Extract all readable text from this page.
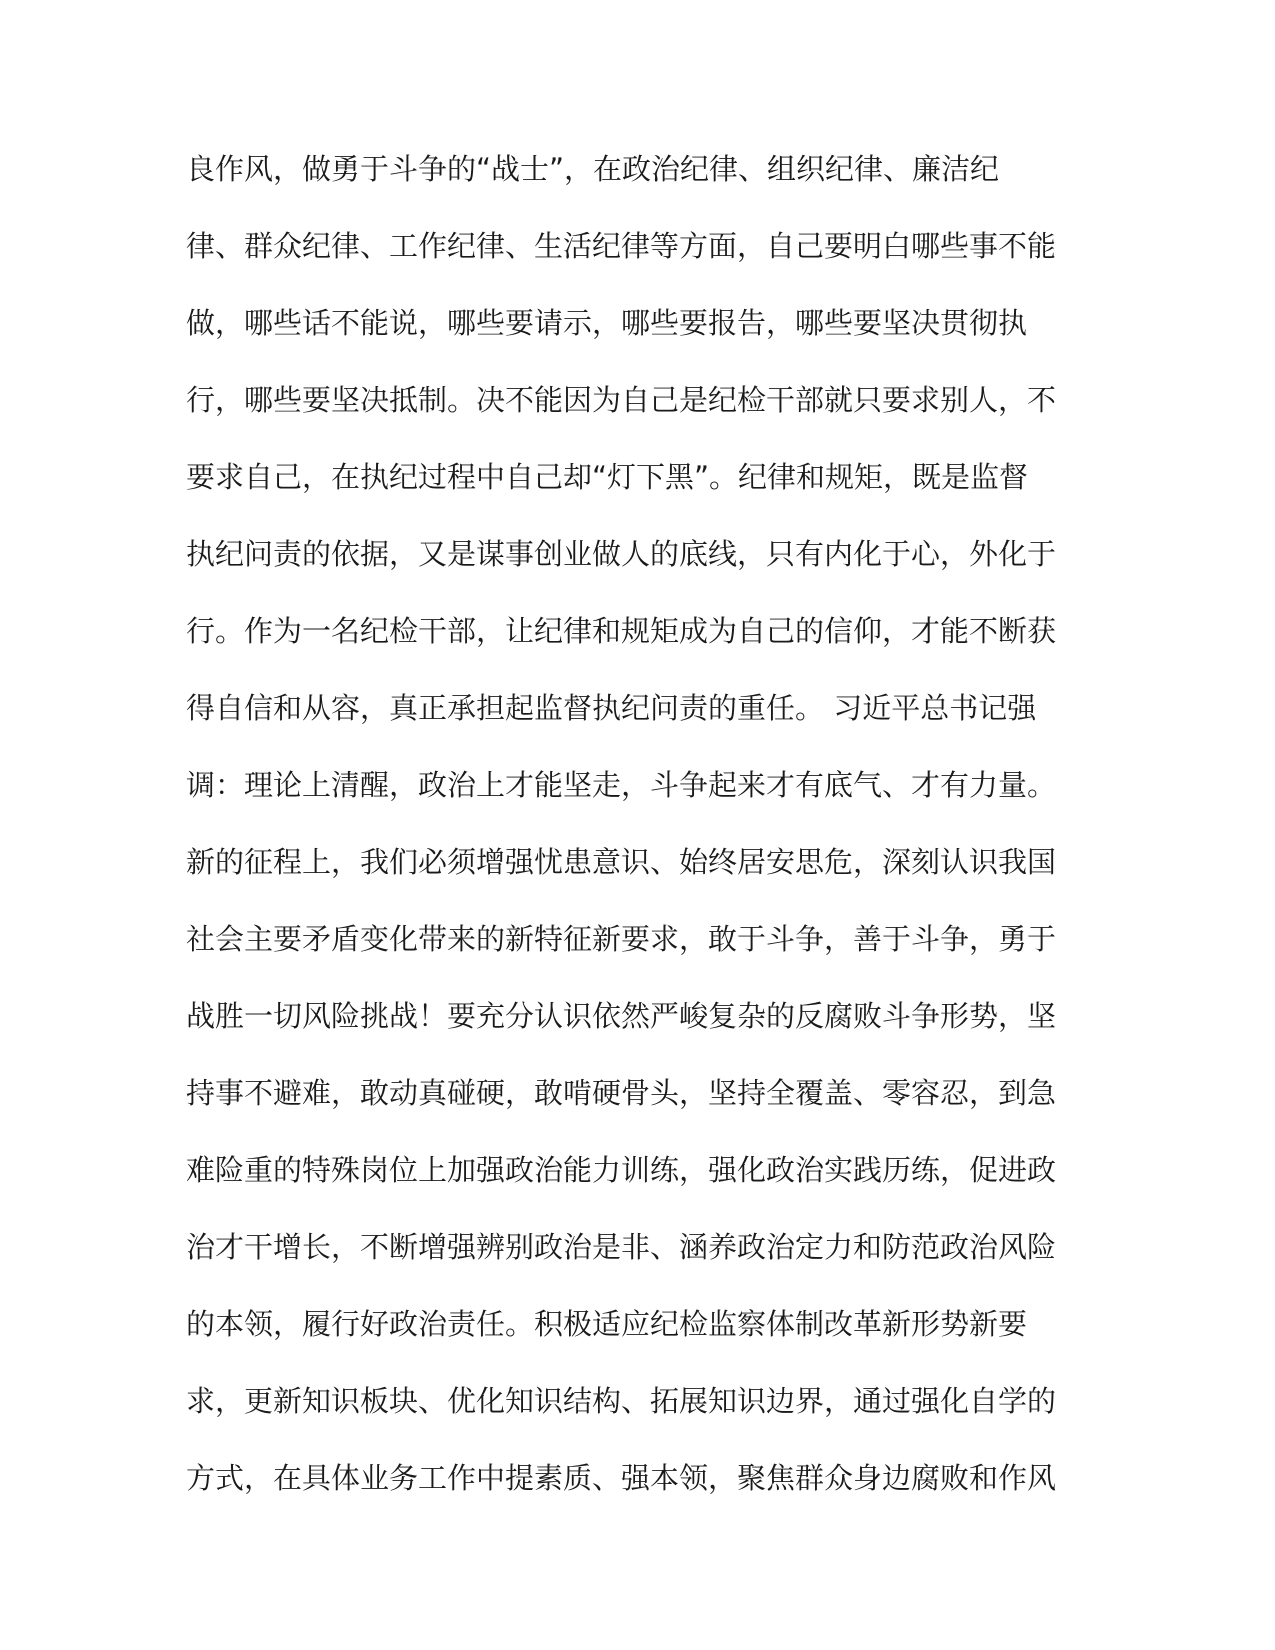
良作风，做勇于斗争的“战士”，在政治纪律、组织纪律、廉洁纪
律、群众纪律、工作纪律、生活纪律等方面，自己要明白哪些事不能
做，哪些话不能说，哪些要请示，哪些要报告，哪些要坚决贯彻执
行，哪些要坚决抵制。决不能因为自己是纪检干部就只要求别人，不
要求自己，在执纪过程中自己却“灯下黑”。纪律和规矩，既是监督
执纪问责的依据，又是谋事创业做人的底线，只有内化于心，外化于
行。作为一名纪检干部，让纪律和规矩成为自己的信仰，才能不断获
得自信和从容，真正承担起监督执纪问责的重任。 习近平总书记强
调：理论上清醒，政治上才能坚走，斗争起来才有底气、才有力量。
新的征程上，我们必须增强忧患意识、始终居安思危，深刻认识我国
社会主要矛盾变化带来的新特征新要求，敢于斗争，善于斗争，勇于
战胜一切风险挑战！要充分认识依然严峻复杂的反腐败斗争形势，坚
持事不避难，敢动真碰硬，敢啃硬骨头，坚持全覆盖、零容忍，到急
难险重的特殊岗位上加强政治能力训练，强化政治实践历练，促进政
治才干增长，不断增强辨别政治是非、涵养政治定力和防范政治风险
的本领，履行好政治责任。积极适应纪检监察体制改革新形势新要
求，更新知识板块、优化知识结构、拓展知识边界，通过强化自学的
方式，在具体业务工作中提素质、强本领，聚焦群众身边腐败和作风
